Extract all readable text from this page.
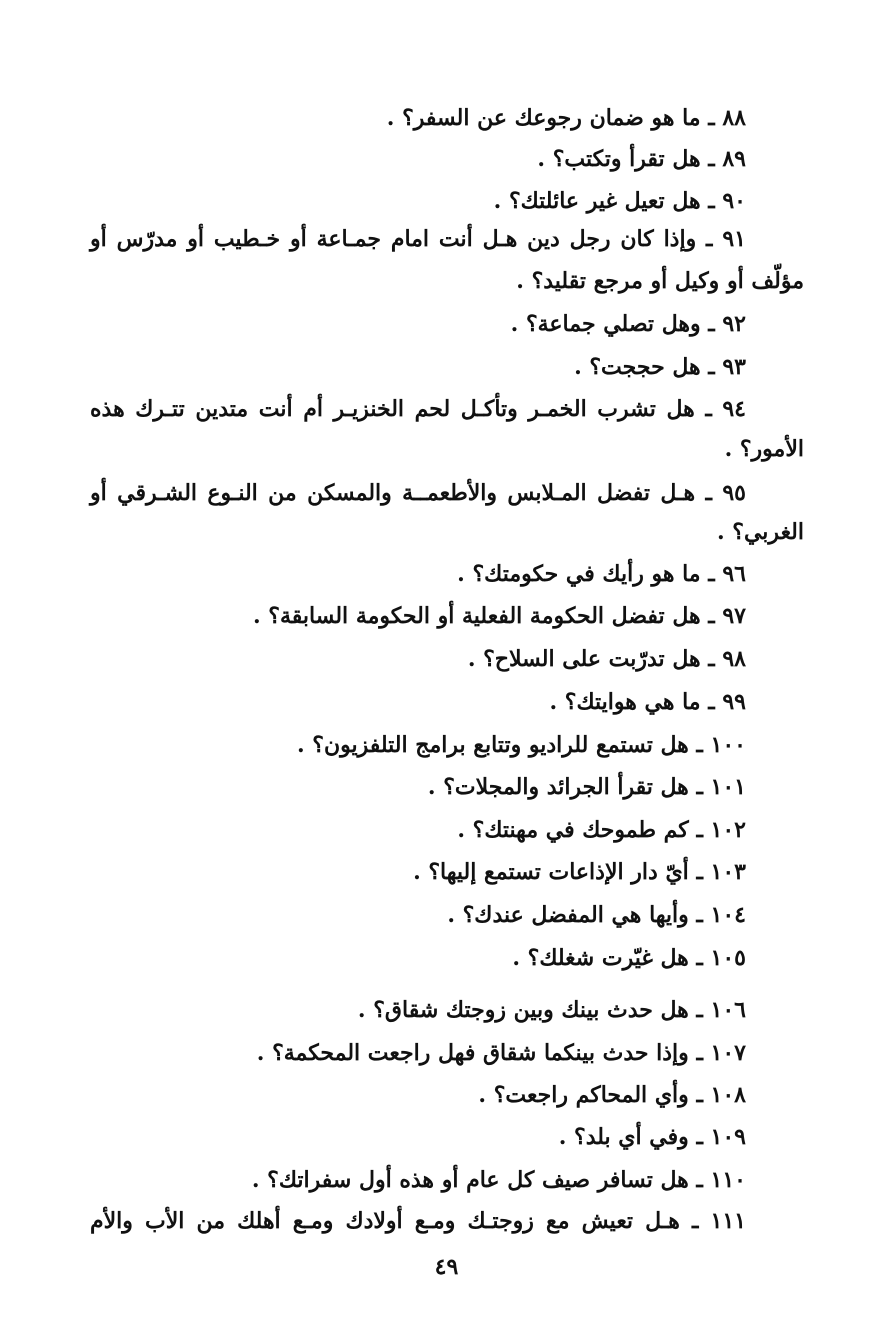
٨٨ ـ ما هو ضمان رجوعك عن السفر؟ .
٨٩ ـ هل تقرأ وتكتب؟ .
٩٠ ـ هل تعيل غير عائلتك؟ .
٩١ ـ وإذا كان رجل دين هـل أنت امام جمـاعة أو خـطيب أو مدرّس أو
مؤلّف أو وكيل أو مرجع تقليد؟ .
٩٢ ـ وهل تصلي جماعة؟ .
٩٣ ـ هل حججت؟ .
٩٤ ـ هل تشرب الخمـر وتأكـل لحم الخنزيـر أم أنت متدين تتـرك هذه
الأمور؟ .
٩٥ ـ هـل تفضل المـلابس والأطعمــة والمسكن من النـوع الشـرقي أو
الغربي؟ .
٩٦ ـ ما هو رأيك في حكومتك؟ .
٩٧ ـ هل تفضل الحكومة الفعلية أو الحكومة السابقة؟ .
٩٨ ـ هل تدرّبت على السلاح؟ .
٩٩ ـ ما هي هوايتك؟ .
١٠٠ ـ هل تستمع للراديو وتتابع برامج التلفزيون؟ .
١٠١ ـ هل تقرأ الجرائد والمجلات؟ .
١٠٢ ـ كم طموحك في مهنتك؟ .
١٠٣ ـ أيّ دار الإذاعات تستمع إليها؟ .
١٠٤ ـ وأيها هي المفضل عندك؟ .
١٠٥ ـ هل غيّرت شغلك؟ .
١٠٦ ـ هل حدث بينك وبين زوجتك شقاق؟ .
١٠٧ ـ وإذا حدث بينكما شقاق فهل راجعت المحكمة؟ .
١٠٨ ـ وأي المحاكم راجعت؟ .
١٠٩ ـ وفي أي بلد؟ .
١١٠ ـ هل تسافر صيف كل عام أو هذه أول سفراتك؟ .
١١١ ـ هـل تعيش مع زوجتـك ومـع أولادك ومـع أهلك من الأب والأم
٤٩
